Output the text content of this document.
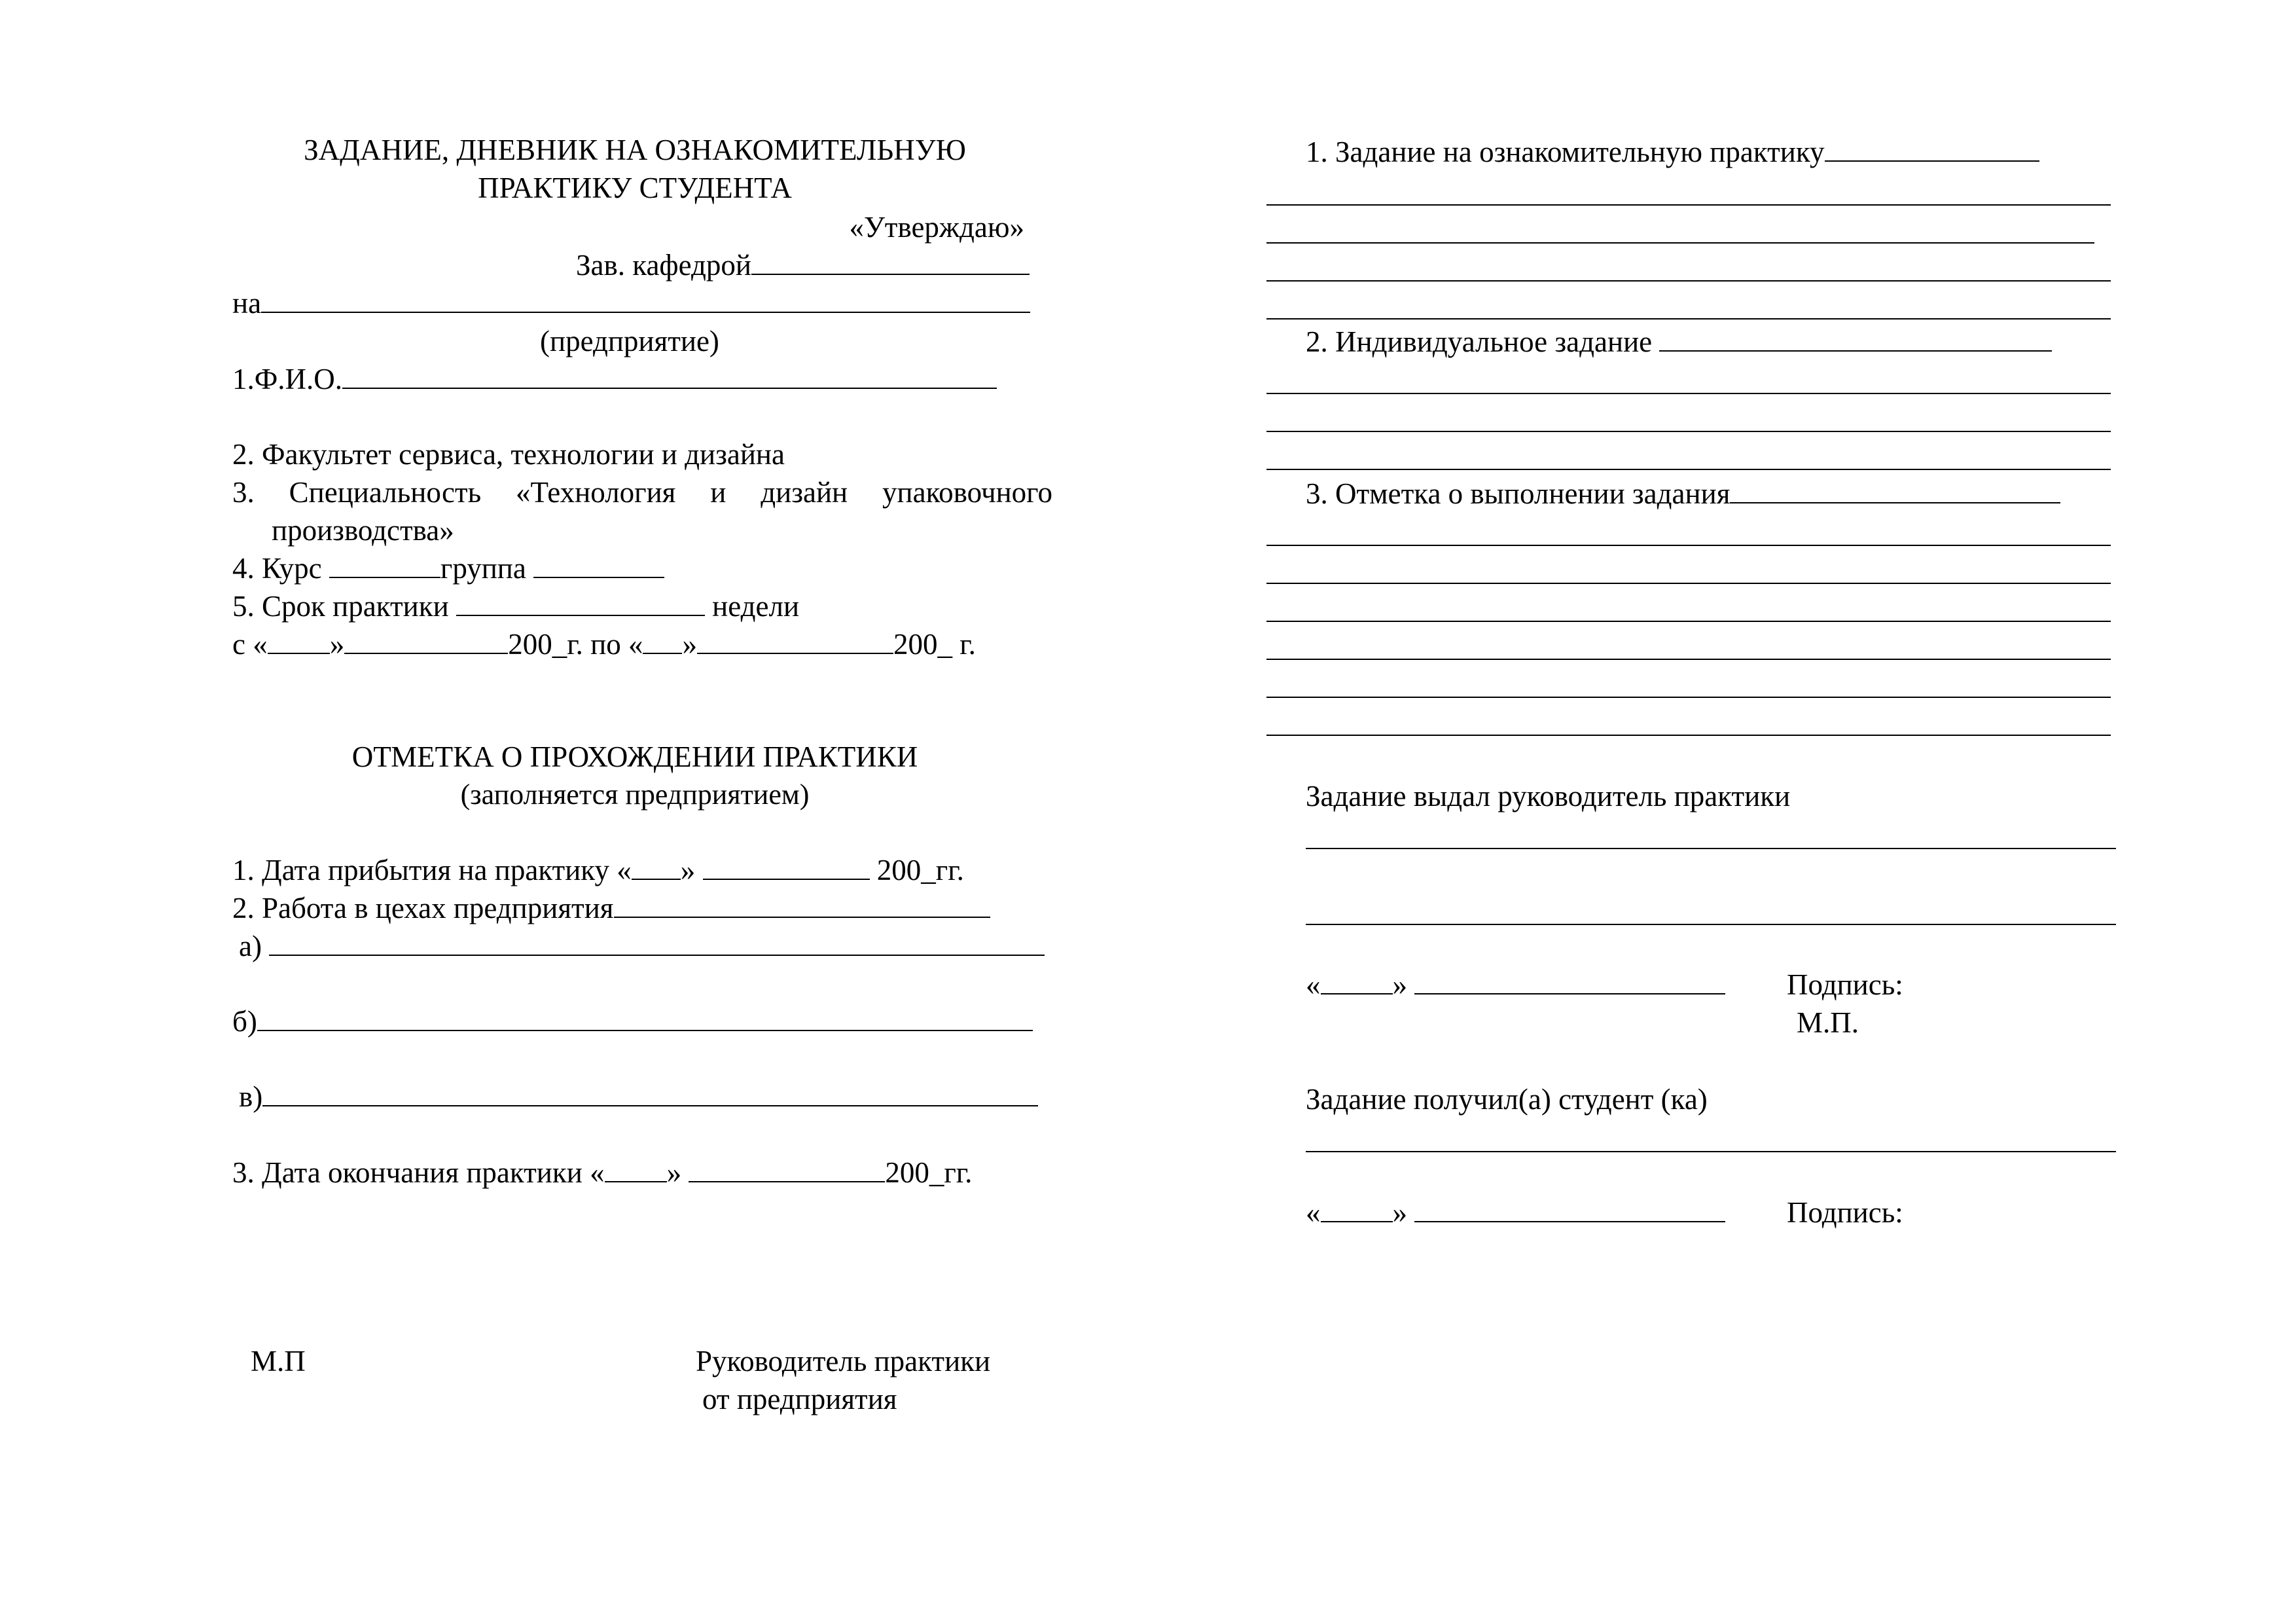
ЗАДАНИЕ, ДНЕВНИК НА ОЗНАКОМИТЕЛЬНУЮ
ПРАКТИКУ СТУДЕНТА
«Утверждаю»
Зав. кафедрой
на
(предприятие)
1.Ф.И.О.
2. Факультет сервиса, технологии и дизайна
3. Специальность «Технология и дизайн упаковочного
производства»
4. Курс	группа
5. Срок практики	недели
с « »	200_г. по « »	200_ г.
ОТМЕТКА О ПРОХОЖДЕНИИ ПРАКТИКИ
(заполняется предприятием)
1. Дата прибытия на практику « »	200_гг.
2. Работа в цехах предприятия
а)
б)
в)
3. Дата окончания практики « »	200_гг.
М.П	Руководитель практики
от предприятия
1. Задание на ознакомительную практику
2. Индивидуальное задание
3. Отметка о выполнении задания
Задание выдал руководитель практики
« »	Подпись:
М.П.
Задание получил(а) студент (ка)
« »	Подпись:
